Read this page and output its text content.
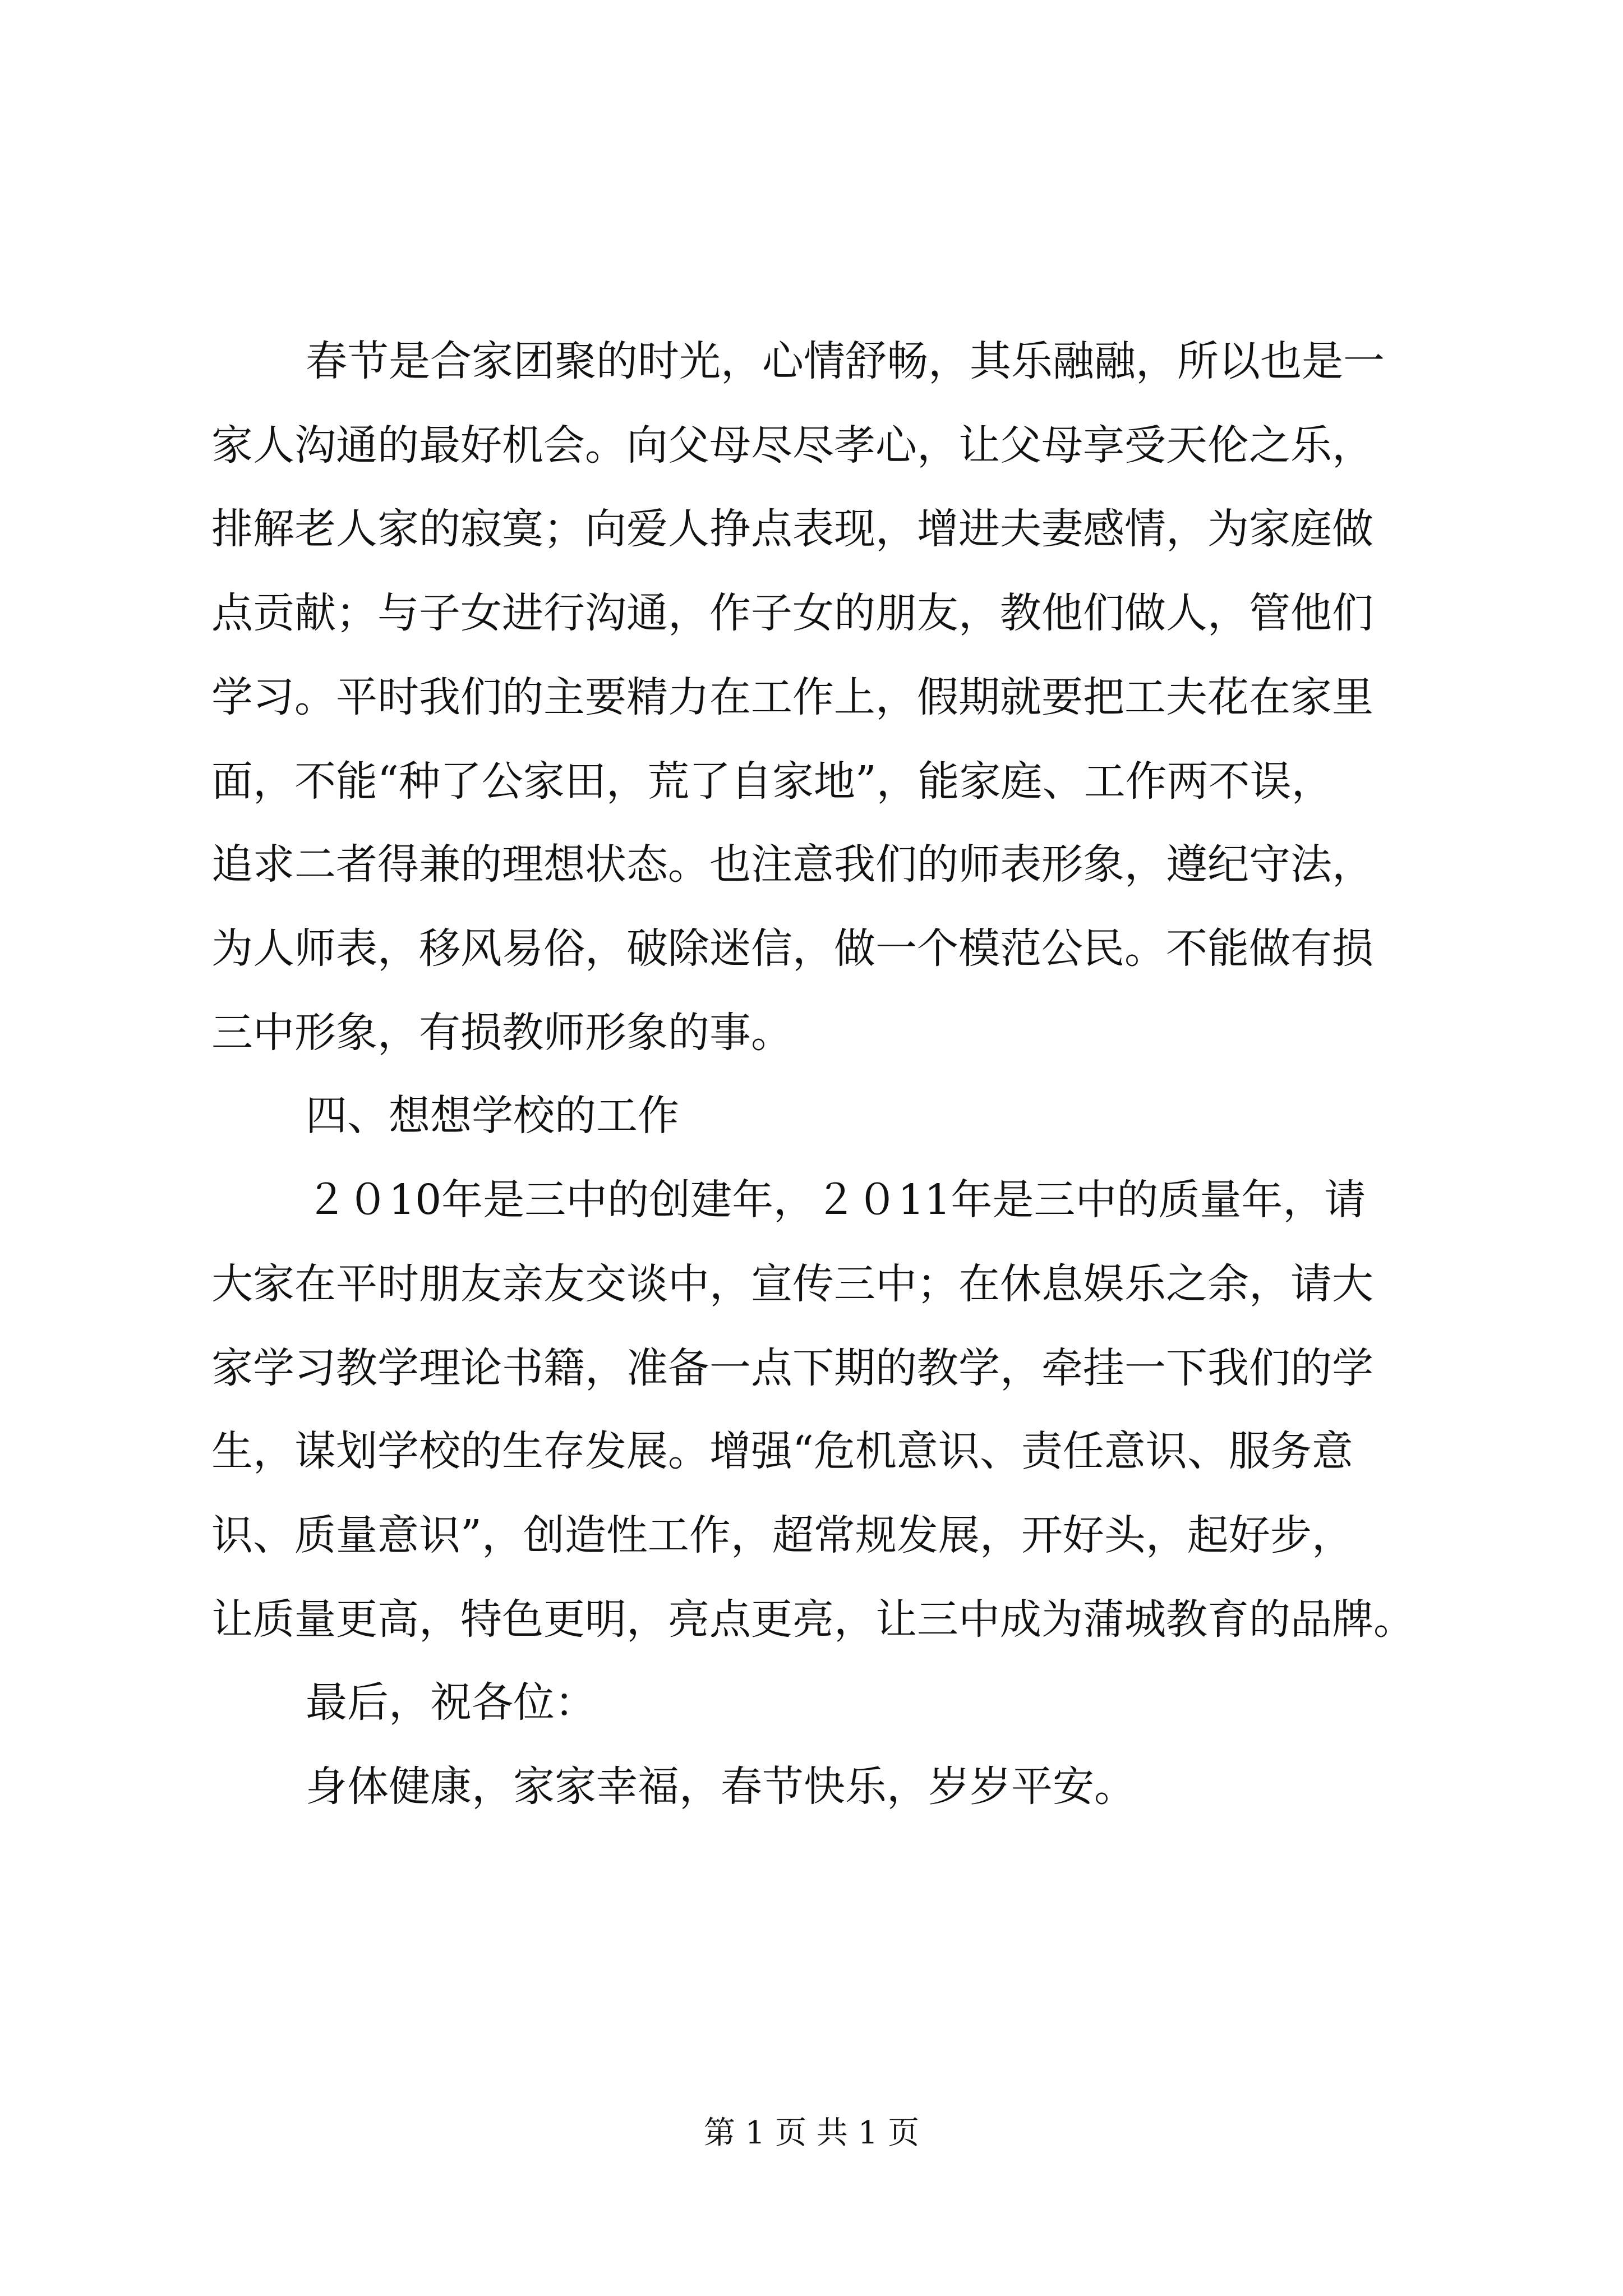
春节是合家团聚的时光，心情舒畅，其乐融融，所以也是一
家人沟通的最好机会。向父母尽尽孝心，让父母享受天伦之乐，
排解老人家的寂寞；向爱人挣点表现，增进夫妻感情，为家庭做
点贡献；与子女进行沟通，作子女的朋友，教他们做人，管他们
学习。平时我们的主要精力在工作上，假期就要把工夫花在家里
面，不能“种了公家田，荒了自家地”，能家庭、工作两不误，
追求二者得兼的理想状态。也注意我们的师表形象，遵纪守法，
为人师表，移风易俗，破除迷信，做一个模范公民。不能做有损
三中形象，有损教师形象的事。
四、想想学校的工作
２０10年是三中的创建年，２０11年是三中的质量年，请
大家在平时朋友亲友交谈中，宣传三中；在休息娱乐之余，请大
家学习教学理论书籍，准备一点下期的教学，牵挂一下我们的学
生，谋划学校的生存发展。增强“危机意识、责任意识、服务意
识、质量意识”，创造性工作，超常规发展，开好头，起好步，
让质量更高，特色更明，亮点更亮，让三中成为蒲城教育的品牌。
最后，祝各位：
身体健康，家家幸福，春节快乐，岁岁平安。
第 1 页 共 1 页
